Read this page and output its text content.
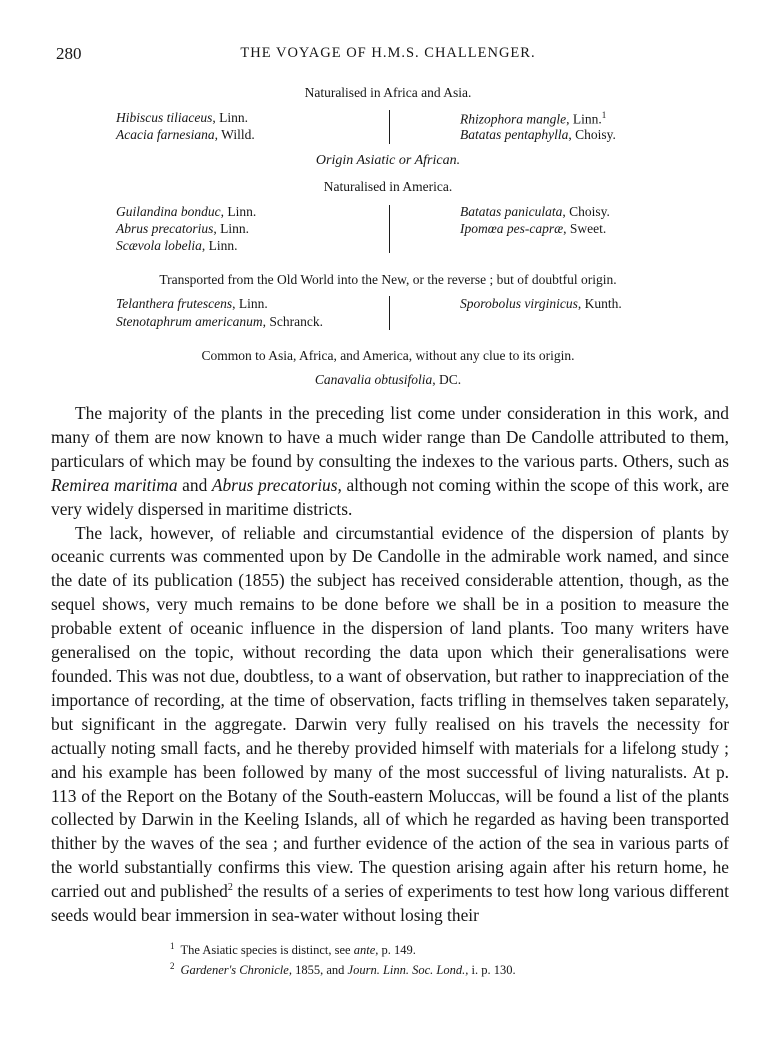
280	THE VOYAGE OF H.M.S. CHALLENGER.
Naturalised in Africa and Asia.
Hibiscus tiliaceus, Linn.
Acacia farnesiana, Willd.
Rhizophora mangle, Linn.$^1$
Batatas pentaphylla, Choisy.
Origin Asiatic or African.
Naturalised in America.
Guilandina bonduc, Linn.
Abrus precatorius, Linn.
Scævola lobelia, Linn.
Batatas paniculata, Choisy.
Ipomœa pes-capræ, Sweet.
Transported from the Old World into the New, or the reverse ; but of doubtful origin.
Telanthera frutescens, Linn.
Stenotaphrum americanum, Schranck.
Sporobolus virginicus, Kunth.
Common to Asia, Africa, and America, without any clue to its origin.
Canavalia obtusifolia, DC.

The majority of the plants in the preceding list come under consideration in this work, and many of them are now known to have a much wider range than De Candolle attributed to them, particulars of which may be found by consulting the indexes to the various parts. Others, such as Remirea maritima and Abrus precatorius, although not coming within the scope of this work, are very widely dispersed in maritime districts.

The lack, however, of reliable and circumstantial evidence of the dispersion of plants by oceanic currents was commented upon by De Candolle in the admirable work named, and since the date of its publication (1855) the subject has received considerable attention, though, as the sequel shows, very much remains to be done before we shall be in a position to measure the probable extent of oceanic influence in the dispersion of land plants. Too many writers have generalised on the topic, without recording the data upon which their generalisations were founded. This was not due, doubtless, to a want of observation, but rather to inappreciation of the importance of recording, at the time of observation, facts trifling in themselves taken separately, but significant in the aggregate. Darwin very fully realised on his travels the necessity for actually noting small facts, and he thereby provided himself with materials for a lifelong study ; and his example has been followed by many of the most successful of living naturalists. At p. 113 of the Report on the Botany of the South-eastern Moluccas, will be found a list of the plants collected by Darwin in the Keeling Islands, all of which he regarded as having been transported thither by the waves of the sea ; and further evidence of the action of the sea in various parts of the world substantially confirms this view. The question arising again after his return home, he carried out and published$^2$ the results of a series of experiments to test how long various different seeds would bear immersion in sea-water without losing their

$^1$ The Asiatic species is distinct, see ante, p. 149.
$^2$ Gardener's Chronicle, 1855, and Journ. Linn. Soc. Lond., i. p. 130.
